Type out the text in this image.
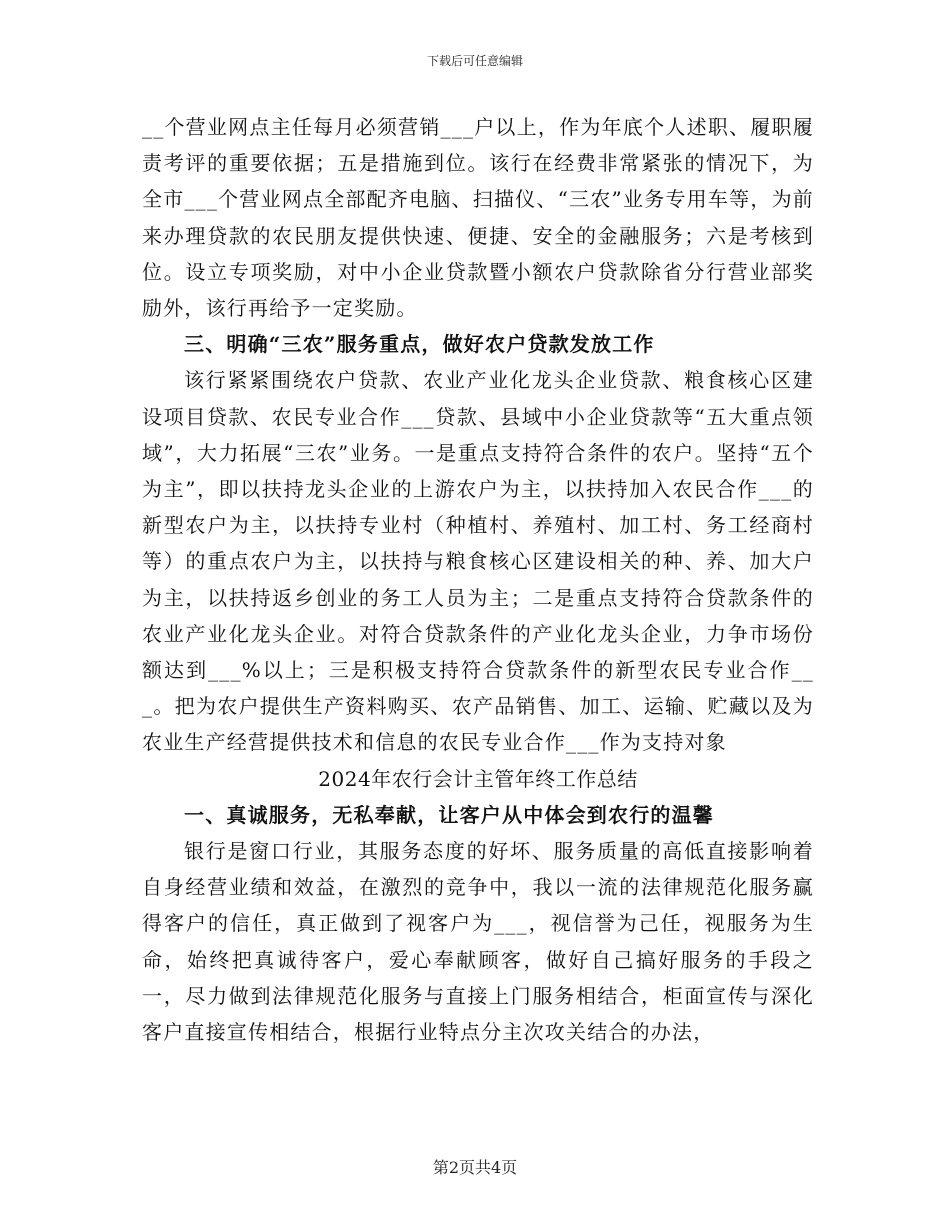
下载后可任意编辑

__个营业网点主任每月必须营销___户以上，作为年底个人述职、履职履责考评的重要依据；五是措施到位。该行在经费非常紧张的情况下，为全市___个营业网点全部配齐电脑、扫描仪、“三农”业务专用车等，为前来办理贷款的农民朋友提供快速、便捷、安全的金融服务；六是考核到位。设立专项奖励，对中小企业贷款暨小额农户贷款除省分行营业部奖励外，该行再给予一定奖励。

三、明确“三农”服务重点，做好农户贷款发放工作

该行紧紧围绕农户贷款、农业产业化龙头企业贷款、粮食核心区建设项目贷款、农民专业合作___贷款、县域中小企业贷款等“五大重点领域”，大力拓展“三农”业务。一是重点支持符合条件的农户。坚持“五个为主”，即以扶持龙头企业的上游农户为主，以扶持加入农民合作___的新型农户为主，以扶持专业村（种植村、养殖村、加工村、务工经商村等）的重点农户为主，以扶持与粮食核心区建设相关的种、养、加大户为主，以扶持返乡创业的务工人员为主；二是重点支持符合贷款条件的农业产业化龙头企业。对符合贷款条件的产业化龙头企业，力争市场份额达到___%以上；三是积极支持符合贷款条件的新型农民专业合作___。把为农户提供生产资料购买、农产品销售、加工、运输、贮藏以及为农业生产经营提供技术和信息的农民专业合作___作为支持对象

2024年农行会计主管年终工作总结

一、真诚服务，无私奉献，让客户从中体会到农行的温馨

银行是窗口行业，其服务态度的好坏、服务质量的高低直接影响着自身经营业绩和效益，在激烈的竞争中，我以一流的法律规范化服务赢得客户的信任，真正做到了视客户为___，视信誉为己任，视服务为生命，始终把真诚待客户，爱心奉献顾客，做好自己搞好服务的手段之一，尽力做到法律规范化服务与直接上门服务相结合，柜面宣传与深化客户直接宣传相结合，根据行业特点分主次攻关结合的办法，

第2页共4页
